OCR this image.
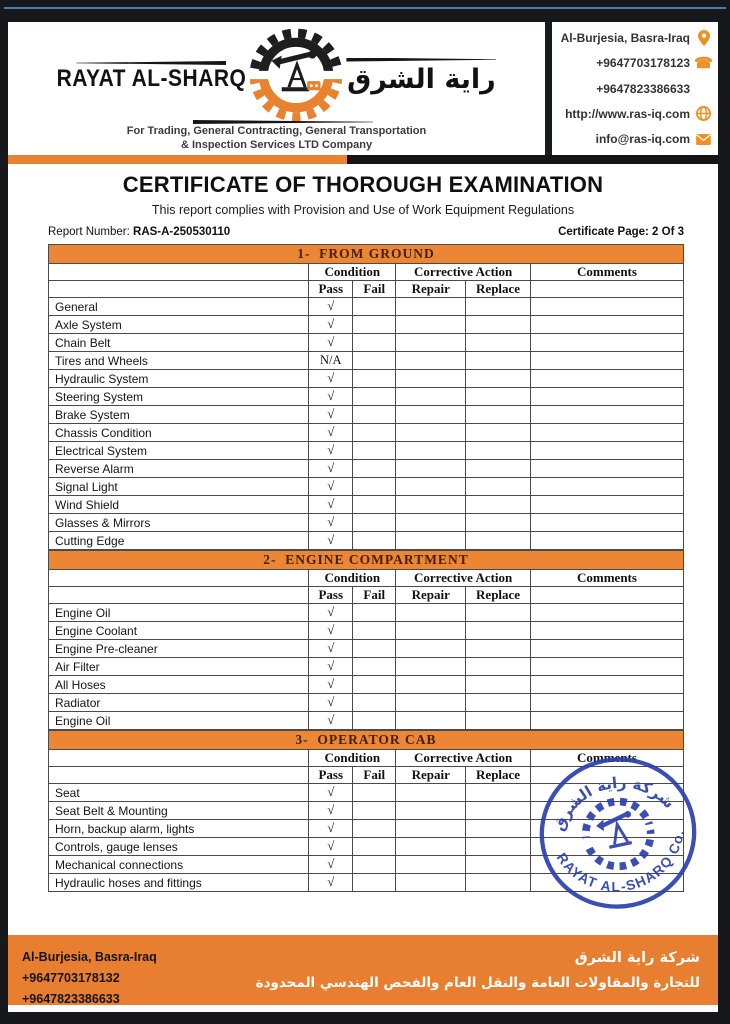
RAYAT AL-SHARQ	راية الشرق
For Trading, General Contracting, General Transportation
& Inspection Services LTD Company
Al-Burjesia, Basra-Iraq
+9647703178123 ☎
+9647823386633
http://www.ras-iq.com
info@ras-iq.com
CERTIFICATE OF THOROUGH EXAMINATION
This report complies with Provision and Use of Work Equipment Regulations
Report Number: RAS-A-250530110	Certificate Page: 2 Of 3
1-  FROM GROUND					
	Condition		Corrective Action		Comments
	Pass	Fail	Repair	Replace	
General	√				
Axle System	√				
Chain Belt	√				
Tires and Wheels	N/A				
Hydraulic System	√				
Steering System	√				
Brake System	√				
Chassis Condition	√				
Electrical System	√				
Reverse Alarm	√				
Signal Light	√				
Wind Shield	√				
Glasses & Mirrors	√				
Cutting Edge	√				
2-  ENGINE COMPARTMENT					
	Condition		Corrective Action		Comments
	Pass	Fail	Repair	Replace	
Engine Oil	√				
Engine Coolant	√				
Engine Pre-cleaner	√				
Air Filter	√				
All Hoses	√				
Radiator	√				
Engine Oil	√				
3-  OPERATOR CAB					
	Condition		Corrective Action		Comments
	Pass	Fail	Repair	Replace	
Seat	√				
Seat Belt & Mounting	√				
Horn, backup alarm, lights	√				
Controls, gauge lenses	√				
Mechanical connections	√				
Hydraulic hoses and fittings	√				
شركة راية الشرق
RAYAT AL-SHARQ Co.
Al-Burjesia, Basra-Iraq
+9647703178132
+9647823386633
شركة راية الشرق
للتجارة والمقاولات العامة والنقل العام والفحص الهندسي المحدودة
